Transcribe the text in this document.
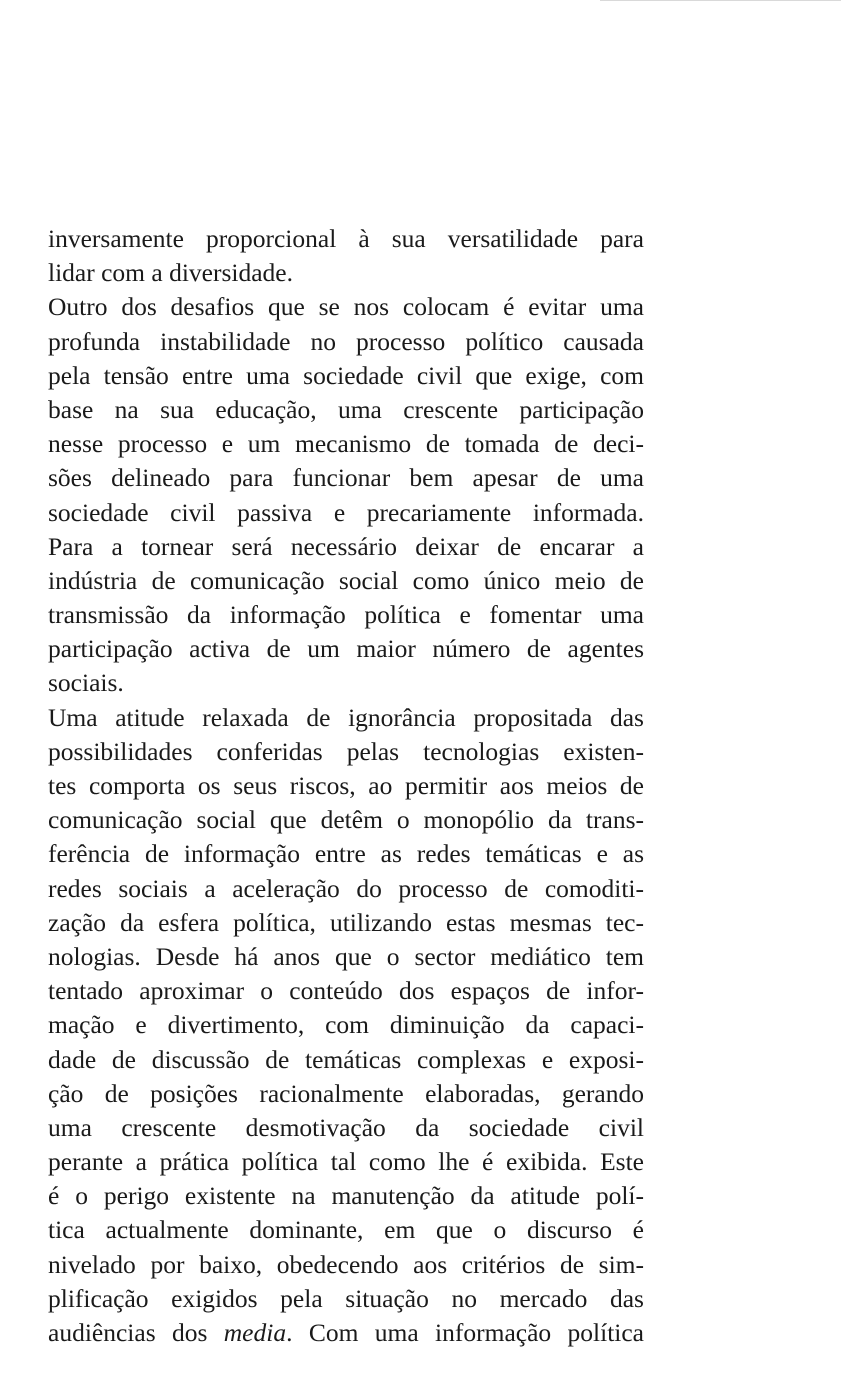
inversamente proporcional à sua versatilidade para
lidar com a diversidade.
Outro dos desafios que se nos colocam é evitar uma
profunda instabilidade no processo político causada
pela tensão entre uma sociedade civil que exige, com
base na sua educação, uma crescente participação
nesse processo e um mecanismo de tomada de deci-
sões delineado para funcionar bem apesar de uma
sociedade civil passiva e precariamente informada.
Para a tornear será necessário deixar de encarar a
indústria de comunicação social como único meio de
transmissão da informação política e fomentar uma
participação activa de um maior número de agentes
sociais.
Uma atitude relaxada de ignorância propositada das
possibilidades conferidas pelas tecnologias existen-
tes comporta os seus riscos, ao permitir aos meios de
comunicação social que detêm o monopólio da trans-
ferência de informação entre as redes temáticas e as
redes sociais a aceleração do processo de comoditi-
zação da esfera política, utilizando estas mesmas tec-
nologias. Desde há anos que o sector mediático tem
tentado aproximar o conteúdo dos espaços de infor-
mação e divertimento, com diminuição da capaci-
dade de discussão de temáticas complexas e exposi-
ção de posições racionalmente elaboradas, gerando
uma crescente desmotivação da sociedade civil
perante a prática política tal como lhe é exibida. Este
é o perigo existente na manutenção da atitude polí-
tica actualmente dominante, em que o discurso é
nivelado por baixo, obedecendo aos critérios de sim-
plificação exigidos pela situação no mercado das
audiências dos media. Com uma informação política
